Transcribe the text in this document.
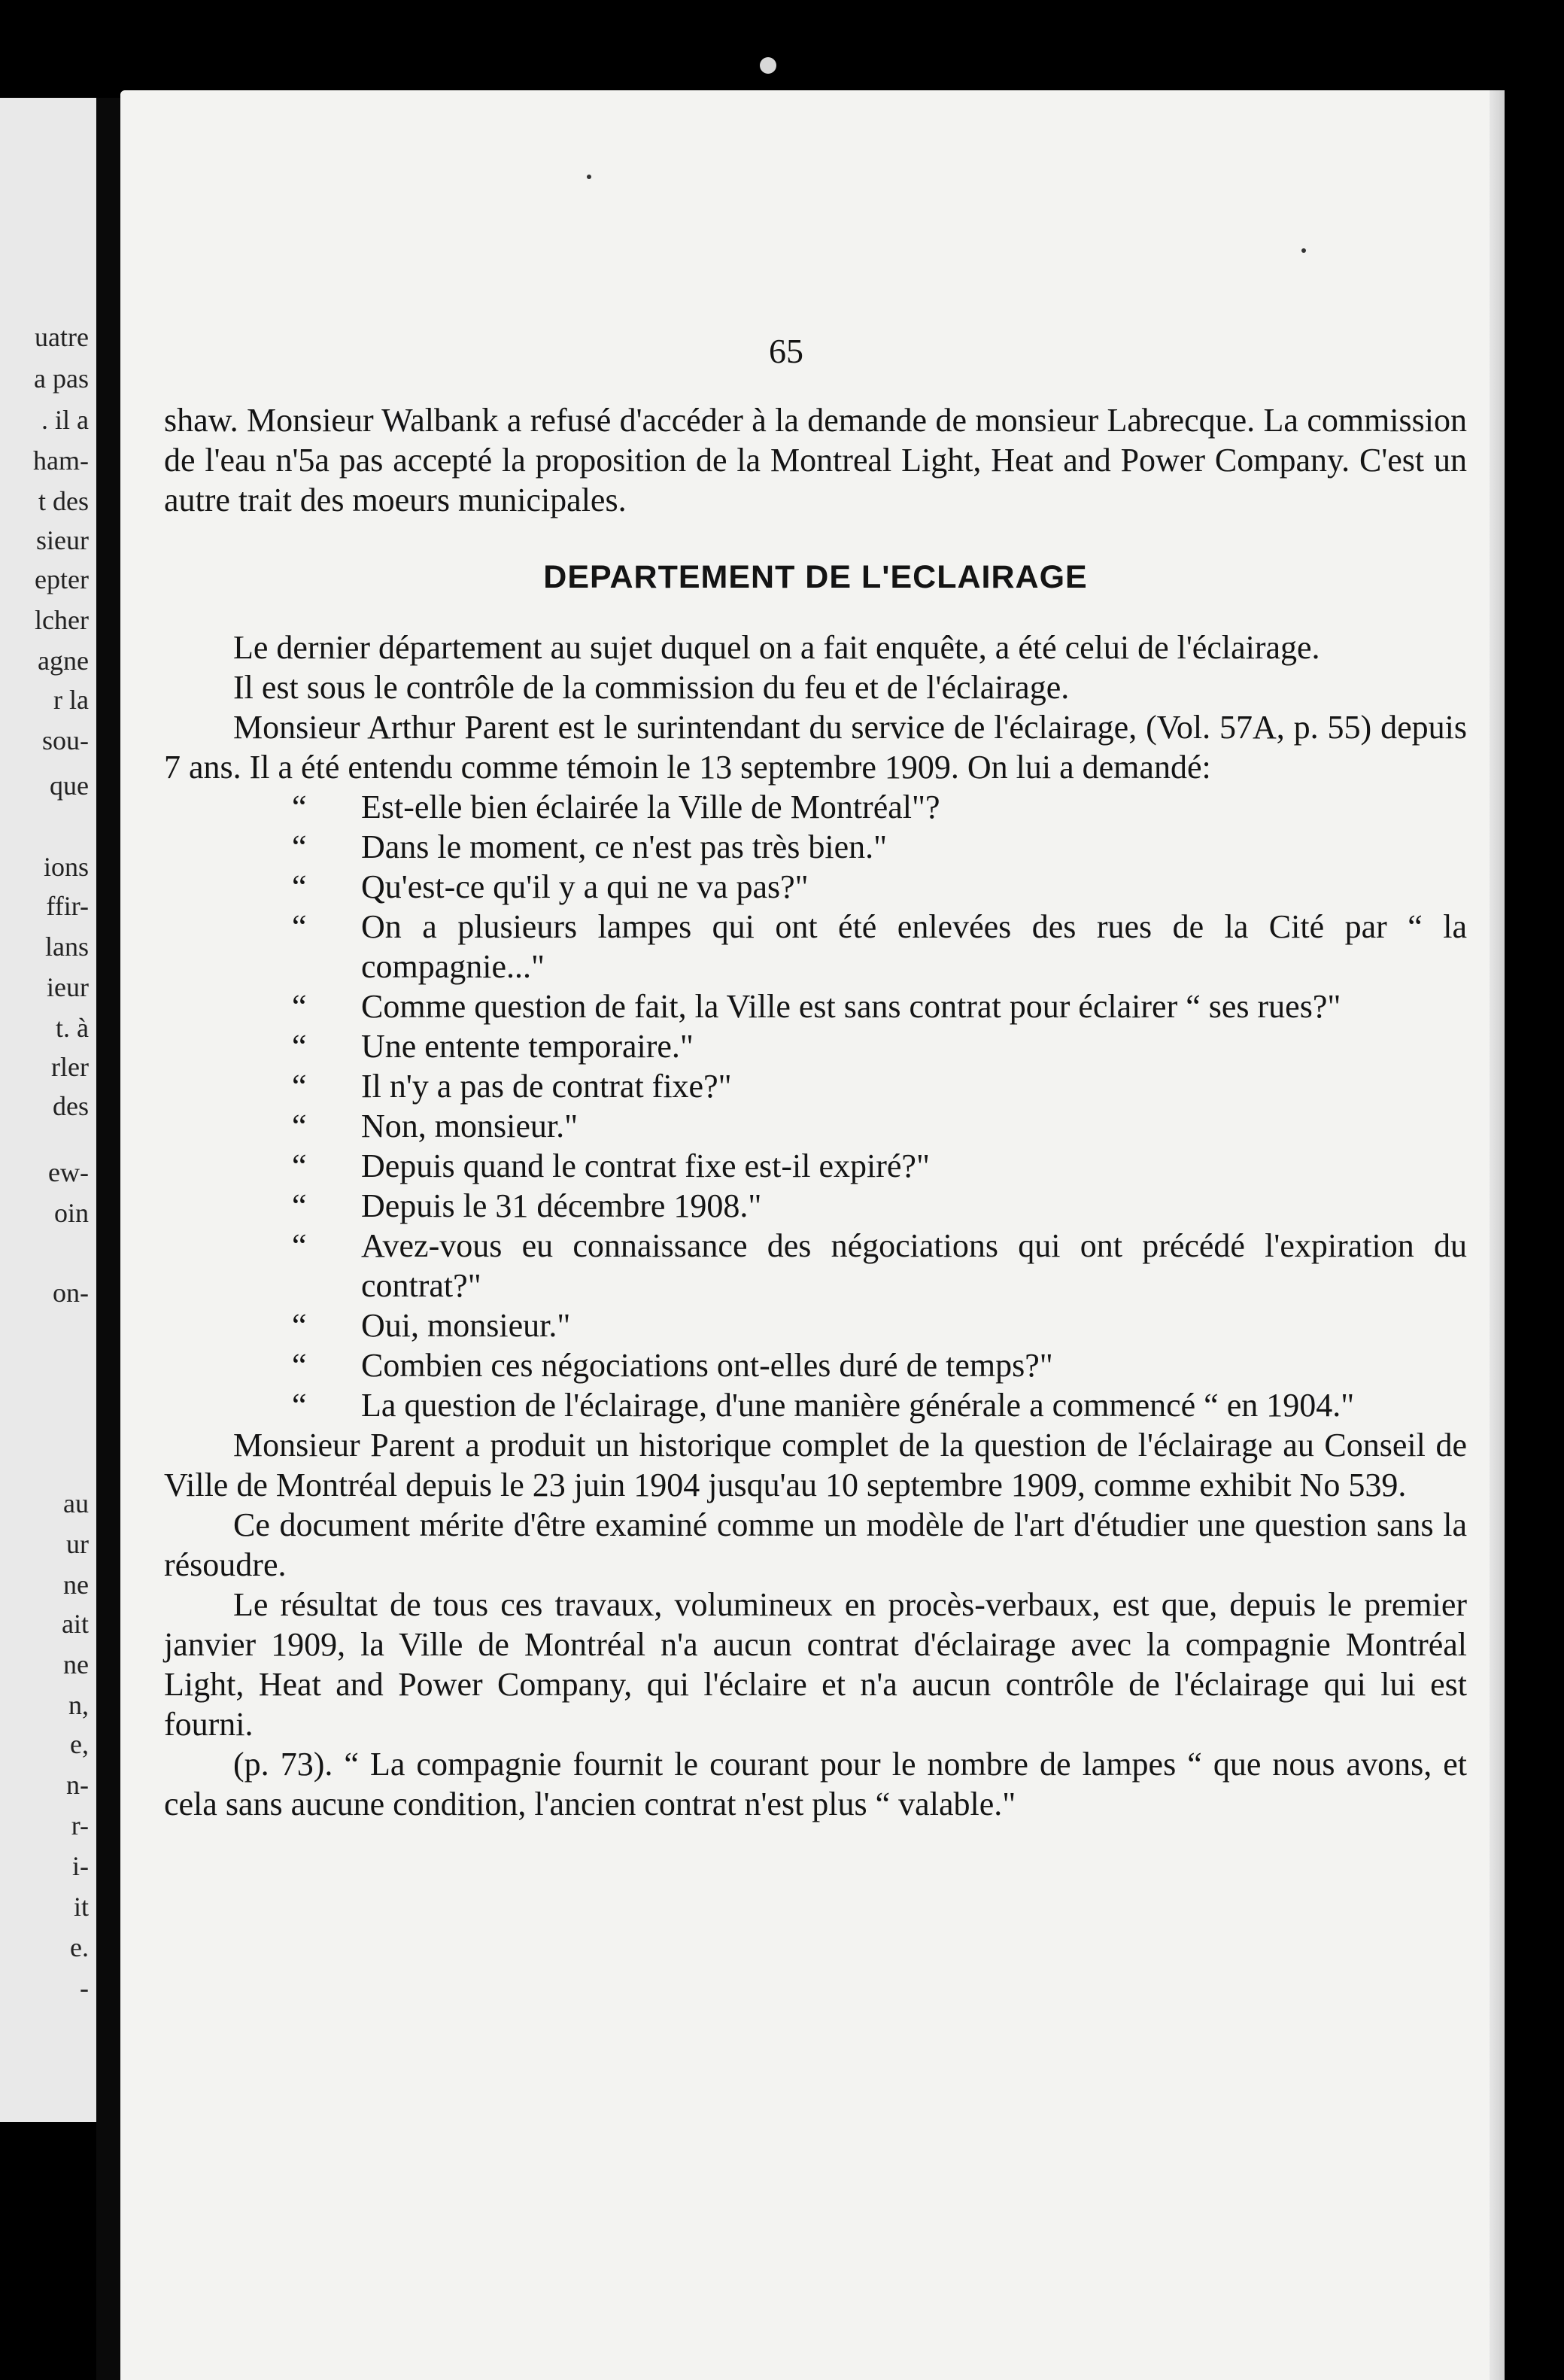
uatre
a pas
. il a
ham-
t des
sieur
epter
lcher
agne
r la
sou-
que
ions
ffir-
lans
ieur
t. à
rler
des
ew-
oin
on-
au
ur
ne
ait
ne
n,
e,
n-
r-
i-
it
e.
-
65

shaw. Monsieur Walbank a refusé d'accéder à la demande de monsieur Labrecque. La commission de l'eau n'5a pas accepté la proposition de la Montreal Light, Heat and Power Company. C'est un autre trait des moeurs municipales.

DEPARTEMENT DE L'ECLAIRAGE

Le dernier département au sujet duquel on a fait enquête, a été celui de l'éclairage.

Il est sous le contrôle de la commission du feu et de l'éclairage.

Monsieur Arthur Parent est le surintendant du service de l'éclairage, (Vol. 57A, p. 55) depuis 7 ans. Il a été entendu comme témoin le 13 septembre 1909. On lui a demandé:

“ Est-elle bien éclairée la Ville de Montréal"?

“ Dans le moment, ce n'est pas très bien."

“ Qu'est-ce qu'il y a qui ne va pas?"

“ On a plusieurs lampes qui ont été enlevées des rues de la Cité par “ la compagnie..."

“ Comme question de fait, la Ville est sans contrat pour éclairer “ ses rues?"

“ Une entente temporaire."

“ Il n'y a pas de contrat fixe?"

“ Non, monsieur."

“ Depuis quand le contrat fixe est-il expiré?"

“ Depuis le 31 décembre 1908."

“ Avez-vous eu connaissance des négociations qui ont précédé l'expiration du contrat?"

“ Oui, monsieur."

“ Combien ces négociations ont-elles duré de temps?"

“ La question de l'éclairage, d'une manière générale a commencé “ en 1904."

Monsieur Parent a produit un historique complet de la question de l'éclairage au Conseil de Ville de Montréal depuis le 23 juin 1904 jusqu'au 10 septembre 1909, comme exhibit No 539.

Ce document mérite d'être examiné comme un modèle de l'art d'étudier une question sans la résoudre.

Le résultat de tous ces travaux, volumineux en procès-verbaux, est que, depuis le premier janvier 1909, la Ville de Montréal n'a aucun contrat d'éclairage avec la compagnie Montréal Light, Heat and Power Company, qui l'éclaire et n'a aucun contrôle de l'éclairage qui lui est fourni.

(p. 73). “ La compagnie fournit le courant pour le nombre de lampes “ que nous avons, et cela sans aucune condition, l'ancien contrat n'est plus “ valable."
